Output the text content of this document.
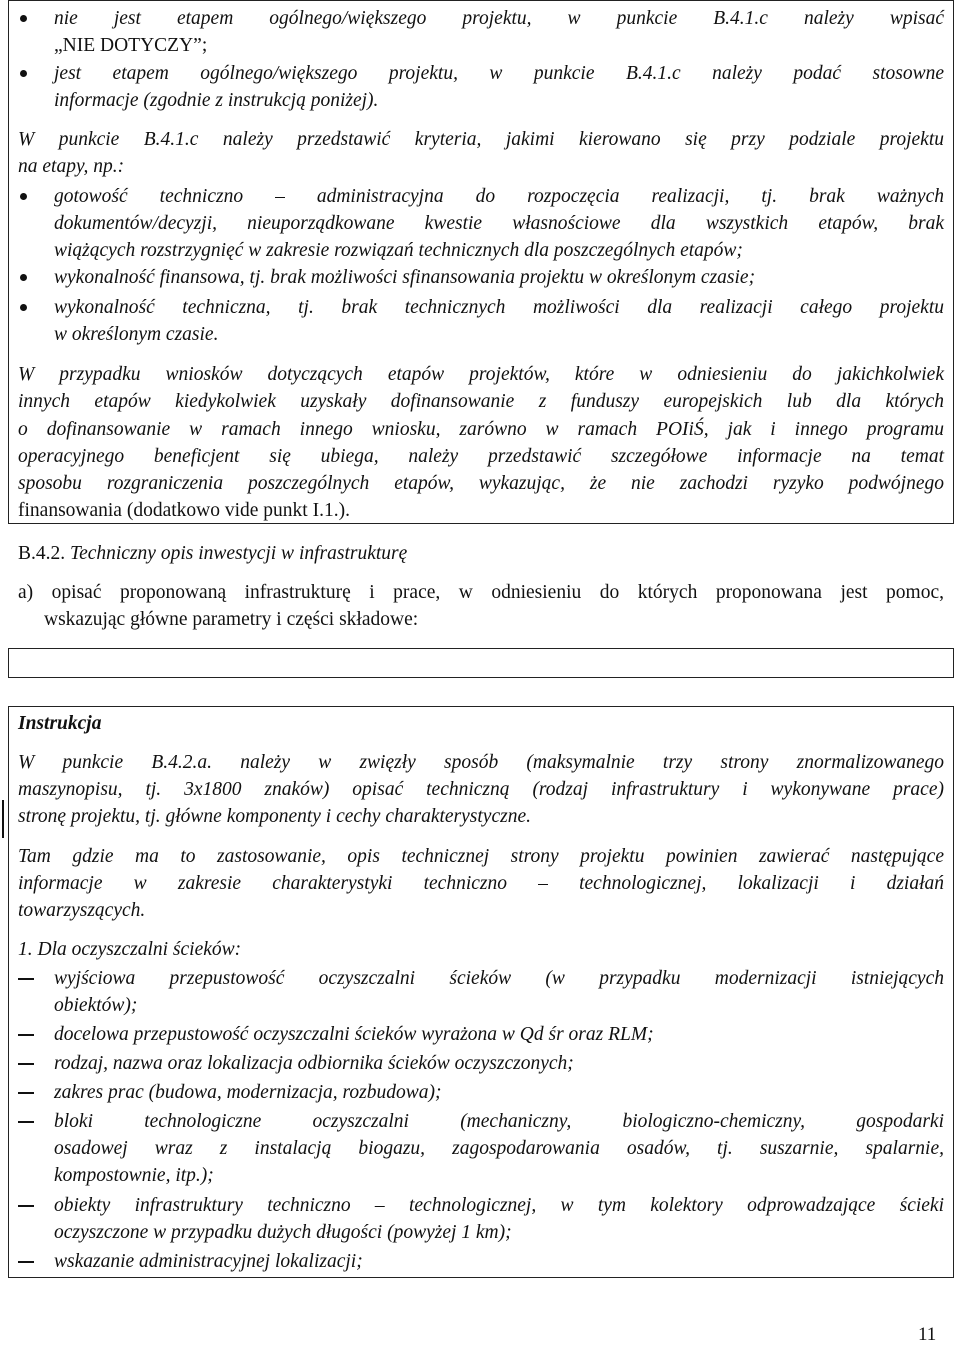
nie jest etapem ogólnego/większego projektu, w punkcie B.4.1.c należy wpisać
„NIE DOTYCZY”;
jest etapem ogólnego/większego projektu, w punkcie B.4.1.c należy podać stosowne
informacje (zgodnie z instrukcją poniżej).
W punkcie B.4.1.c należy przedstawić kryteria, jakimi kierowano się przy podziale projektu
na etapy, np.:
gotowość techniczno – administracyjna do rozpoczęcia realizacji, tj. brak ważnych
dokumentów/decyzji, nieuporządkowane kwestie własnościowe dla wszystkich etapów, brak
wiążących rozstrzygnięć w zakresie rozwiązań technicznych dla poszczególnych etapów;
wykonalność finansowa, tj. brak możliwości sfinansowania projektu w określonym czasie;
wykonalność techniczna, tj. brak technicznych możliwości dla realizacji całego projektu
w określonym czasie.
W przypadku wniosków dotyczących etapów projektów, które w odniesieniu do jakichkolwiek
innych etapów kiedykolwiek uzyskały dofinansowanie z funduszy europejskich lub dla których
o dofinansowanie w ramach innego wniosku, zarówno w ramach POIiŚ, jak i innego programu
operacyjnego beneficjent się ubiega, należy przedstawić szczegółowe informacje na temat
sposobu rozgraniczenia poszczególnych etapów, wykazując, że nie zachodzi ryzyko podwójnego
finansowania (dodatkowo vide punkt I.1.).
B.4.2. Techniczny opis inwestycji w infrastrukturę
a) opisać proponowaną infrastrukturę i prace, w odniesieniu do których proponowana jest pomoc,
wskazując główne parametry i części składowe:
Instrukcja
W punkcie B.4.2.a. należy w zwięzły sposób (maksymalnie trzy strony znormalizowanego
maszynopisu, tj. 3x1800 znaków) opisać techniczną (rodzaj infrastruktury i wykonywane prace)
stronę projektu, tj. główne komponenty i cechy charakterystyczne.
Tam gdzie ma to zastosowanie, opis technicznej strony projektu powinien zawierać następujące
informacje w zakresie charakterystyki techniczno – technologicznej, lokalizacji i działań
towarzyszących.
1. Dla oczyszczalni ścieków:
wyjściowa przepustowość oczyszczalni ścieków (w przypadku modernizacji istniejących
obiektów);
docelowa przepustowość oczyszczalni ścieków wyrażona w Qd śr oraz RLM;
rodzaj, nazwa oraz lokalizacja odbiornika ścieków oczyszczonych;
zakres prac (budowa, modernizacja, rozbudowa);
bloki technologiczne oczyszczalni (mechaniczny, biologiczno-chemiczny, gospodarki
osadowej wraz z instalacją biogazu, zagospodarowania osadów, tj. suszarnie, spalarnie,
kompostownie, itp.);
obiekty infrastruktury techniczno – technologicznej, w tym kolektory odprowadzające ścieki
oczyszczone w przypadku dużych długości (powyżej 1 km);
wskazanie administracyjnej lokalizacji;
11
